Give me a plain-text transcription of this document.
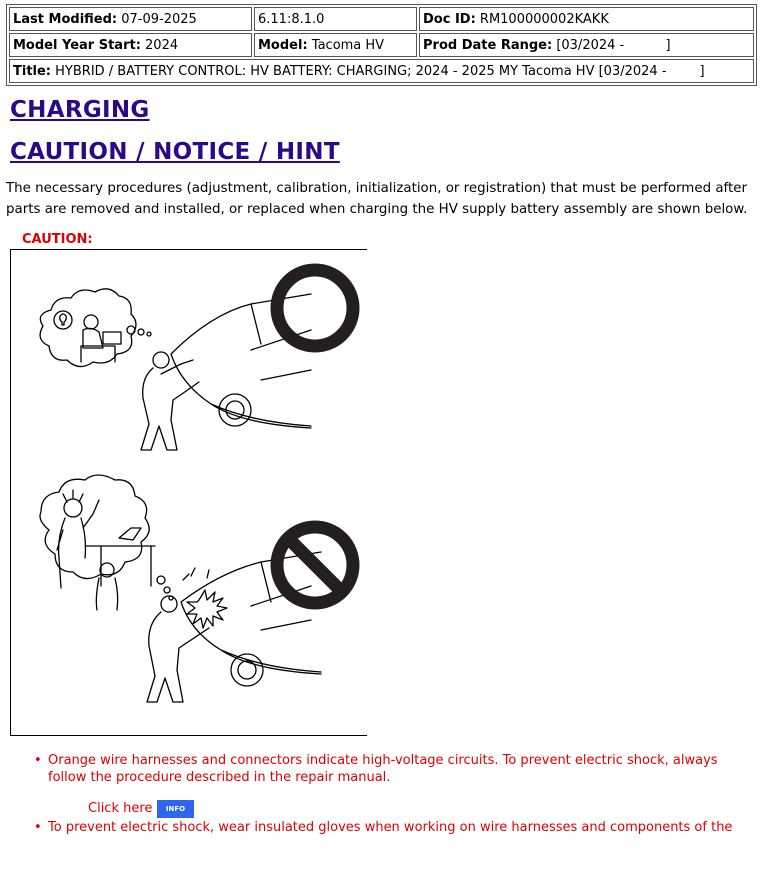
Last Modified: 07-09-2025	6.11:8.1.0	Doc ID: RM100000002KAKK
Model Year Start: 2024	Model: Tacoma HV	Prod Date Range: [03/2024 -          ]
Title: HYBRID / BATTERY CONTROL: HV BATTERY: CHARGING; 2024 - 2025 MY Tacoma HV [03/2024 -        ]		
CHARGING
CAUTION / NOTICE / HINT
The necessary procedures (adjustment, calibration, initialization, or registration) that must be performed after parts are removed and installed, or replaced when charging the HV supply battery assembly are shown below.
CAUTION:
• Orange wire harnesses and connectors indicate high-voltage circuits. To prevent electric shock, always follow the procedure described in the repair manual.
• To prevent electric shock, wear insulated gloves when working on wire harnesses and components of the
Click here	INFO
